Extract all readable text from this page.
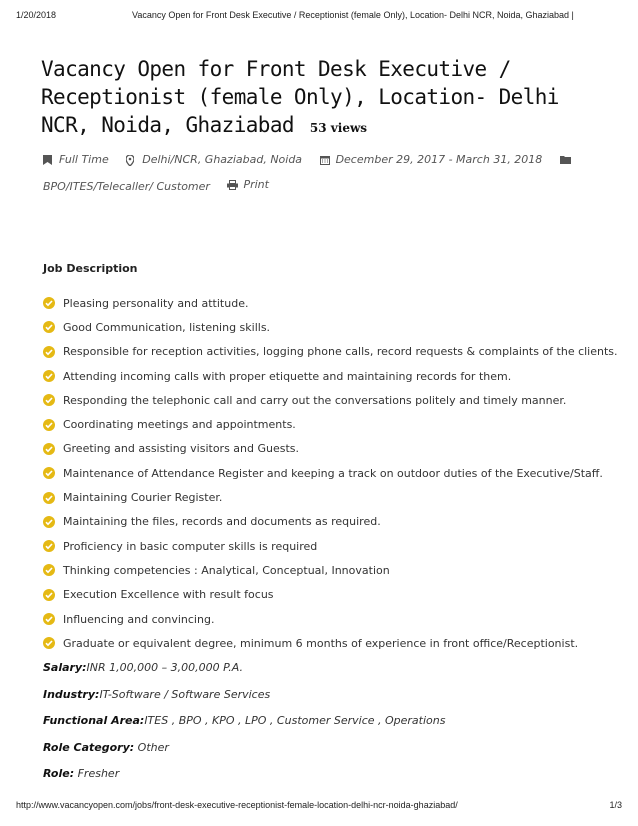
1/20/2018	Vacancy Open for Front Desk Executive / Receptionist (female Only), Location- Delhi NCR, Noida, Ghaziabad |
Vacancy Open for Front Desk Executive / Receptionist (female Only), Location- Delhi NCR, Noida, Ghaziabad 53 views
Full Time
	Delhi/NCR, Ghaziabad, Noida
	December 29, 2017 - March 31, 2018

BPO/ITES/Telecaller/ Customer
	Print
Job Description
Pleasing personality and attitude.
Good Communication, listening skills.
Responsible for reception activities, logging phone calls, record requests & complaints of the clients.
Attending incoming calls with proper etiquette and maintaining records for them.
Responding the telephonic call and carry out the conversations politely and timely manner.
Coordinating meetings and appointments.
Greeting and assisting visitors and Guests.
Maintenance of Attendance Register and keeping a track on outdoor duties of the Executive/Staff.
Maintaining Courier Register.
Maintaining the files, records and documents as required.
Proficiency in basic computer skills is required
Thinking competencies : Analytical, Conceptual, Innovation
Execution Excellence with result focus
Influencing and convincing.
Graduate or equivalent degree, minimum 6 months of experience in front office/Receptionist.
Salary:INR 1,00,000 – 3,00,000 P.A.
Industry:IT-Software / Software Services
Functional Area:ITES , BPO , KPO , LPO , Customer Service , Operations
Role Category: Other
Role: Fresher
http://www.vacancyopen.com/jobs/front-desk-executive-receptionist-female-location-delhi-ncr-noida-ghaziabad/	1/3
